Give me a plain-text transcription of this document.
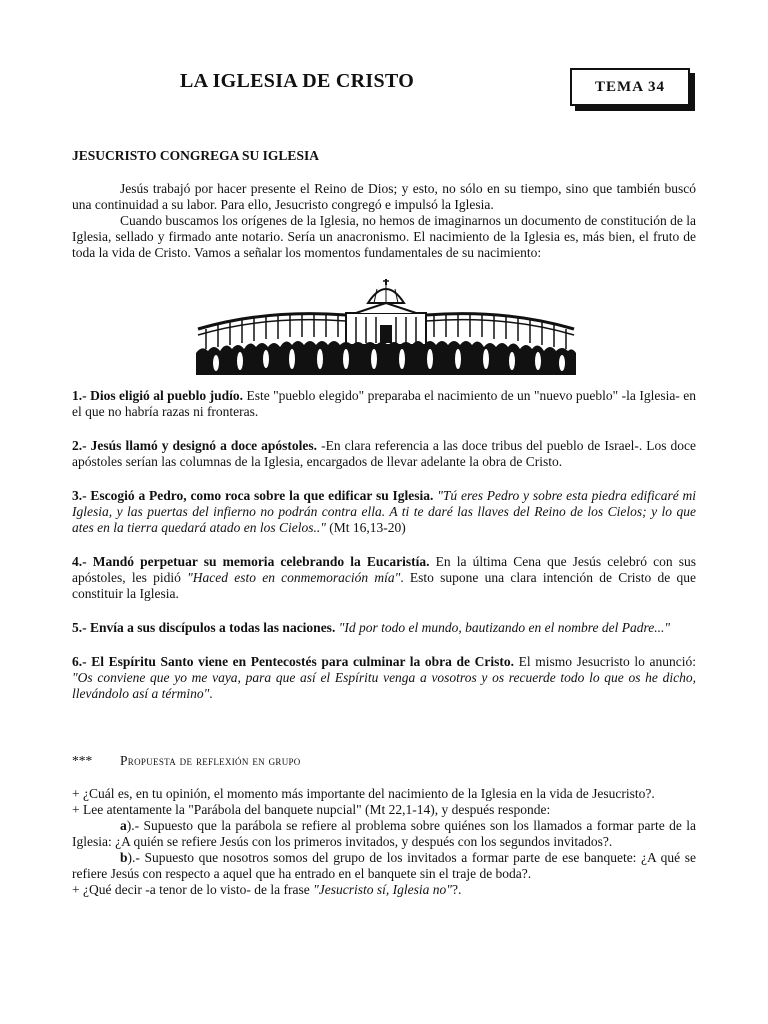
LA IGLESIA DE CRISTO	TEMA 34
JESUCRISTO CONGREGA SU IGLESIA

Jesús trabajó por hacer presente el Reino de Dios; y esto, no sólo en su tiempo, sino que también buscó una continuidad a su labor. Para ello, Jesucristo congregó e impulsó la Iglesia.

Cuando buscamos los orígenes de la Iglesia, no hemos de imaginarnos un documento de constitución de la Iglesia, sellado y firmado ante notario. Sería un anacronismo. El nacimiento de la Iglesia es, más bien, el fruto de toda la vida de Cristo. Vamos a señalar los momentos fundamentales de su nacimiento:

1.- Dios eligió al pueblo judío. Este "pueblo elegido" preparaba el nacimiento de un "nuevo pueblo" -la Iglesia- en el que no habría razas ni fronteras.

2.- Jesús llamó y designó a doce apóstoles. -En clara referencia a las doce tribus del pueblo de Israel-. Los doce apóstoles serían las columnas de la Iglesia, encargados de llevar adelante la obra de Cristo.

3.- Escogió a Pedro, como roca sobre la que edificar su Iglesia. "Tú eres Pedro y sobre esta piedra edificaré mi Iglesia, y las puertas del infierno no podrán contra ella. A ti te daré las llaves del Reino de los Cielos; y lo que ates en la tierra quedará atado en los Cielos.." (Mt 16,13-20)

4.- Mandó perpetuar su memoria celebrando la Eucaristía. En la última Cena que Jesús celebró con sus apóstoles, les pidió "Haced esto en conmemoración mía". Esto supone una clara intención de Cristo de que constituir la Iglesia.

5.- Envía a sus discípulos a todas las naciones. "Id por todo el mundo, bautizando en el nombre del Padre..."

6.- El Espíritu Santo viene en Pentecostés para culminar la obra de Cristo. El mismo Jesucristo lo anunció: "Os conviene que yo me vaya, para que así el Espíritu venga a vosotros y os recuerde todo lo que os he dicho, llevándolo así a término".

*** Propuesta de reflexión en grupo

+ ¿Cuál es, en tu opinión, el momento más importante del nacimiento de la Iglesia en la vida de Jesucristo?.

+ Lee atentamente la "Parábola del banquete nupcial" (Mt 22,1-14), y después responde:

a).- Supuesto que la parábola se refiere al problema sobre quiénes son los llamados a formar parte de la Iglesia: ¿A quién se refiere Jesús con los primeros invitados, y después con los segundos invitados?.

b).- Supuesto que nosotros somos del grupo de los invitados a formar parte de ese banquete: ¿A qué se refiere Jesús con respecto a aquel que ha entrado en el banquete sin el traje de boda?.

+ ¿Qué decir -a tenor de lo visto- de la frase "Jesucristo sí, Iglesia no"?.
